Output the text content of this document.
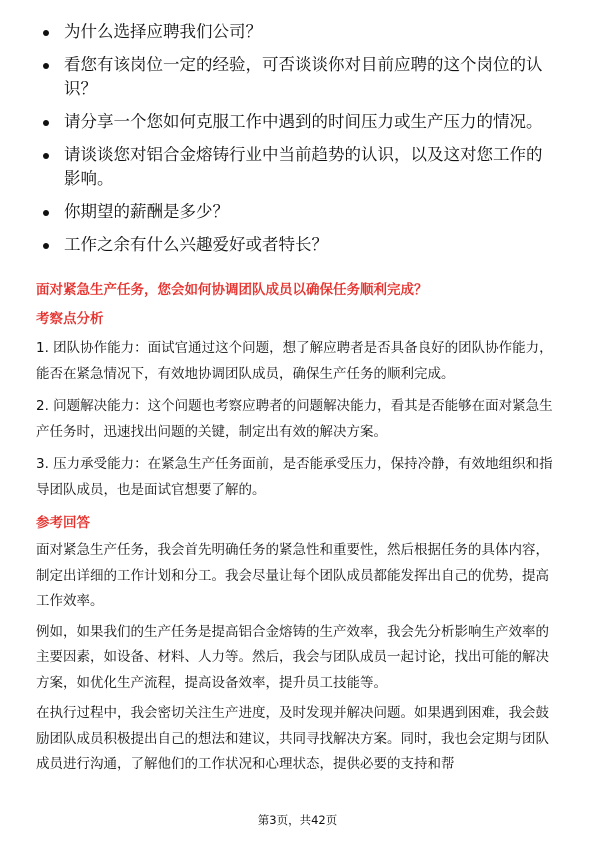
为什么选择应聘我们公司？
看您有该岗位一定的经验，可否谈谈你对目前应聘的这个岗位的认识？
请分享一个您如何克服工作中遇到的时间压力或生产压力的情况。
请谈谈您对铝合金熔铸行业中当前趋势的认识，以及这对您工作的影响。
你期望的薪酬是多少？
工作之余有什么兴趣爱好或者特长？
面对紧急生产任务，您会如何协调团队成员以确保任务顺利完成？
考察点分析

1. 团队协作能力：面试官通过这个问题，想了解应聘者是否具备良好的团队协作能力，能否在紧急情况下，有效地协调团队成员，确保生产任务的顺利完成。

2. 问题解决能力：这个问题也考察应聘者的问题解决能力，看其是否能够在面对紧急生产任务时，迅速找出问题的关键，制定出有效的解决方案。

3. 压力承受能力：在紧急生产任务面前，是否能承受压力，保持冷静，有效地组织和指导团队成员，也是面试官想要了解的。

参考回答

面对紧急生产任务，我会首先明确任务的紧急性和重要性，然后根据任务的具体内容，制定出详细的工作计划和分工。我会尽量让每个团队成员都能发挥出自己的优势，提高工作效率。

例如，如果我们的生产任务是提高铝合金熔铸的生产效率，我会先分析影响生产效率的主要因素，如设备、材料、人力等。然后，我会与团队成员一起讨论，找出可能的解决方案，如优化生产流程，提高设备效率，提升员工技能等。

在执行过程中，我会密切关注生产进度，及时发现并解决问题。如果遇到困难，我会鼓励团队成员积极提出自己的想法和建议，共同寻找解决方案。同时，我也会定期与团队成员进行沟通，了解他们的工作状况和心理状态，提供必要的支持和帮

第3页，共42页
